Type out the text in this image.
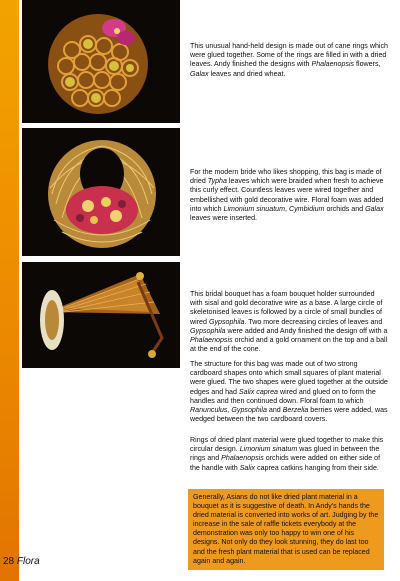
This unusual hand-held design is made out of cane rings which were glued together. Some of the rings are filled in with a dried leaves. Andy finished the designs with Phalaenopsis flowers, Galax leaves and dried wheat.

For the modern bride who likes shopping, this bag is made of dried Typha leaves which were braided when fresh to achieve this curly effect. Countless leaves were wired together and embellished with gold decorative wire. Floral foam was added into which Limonium sinuatum, Cymbidium orchids and Galax leaves were inserted.

This bridal bouquet has a foam bouquet holder surrounded with sisal and gold decorative wire as a base. A large circle of skeletonised leaves is followed by a circle of small bundles of wired Gypsophila. Two more decreasing circles of leaves and Gypsophila were added and Andy finished the design off with a Phalaenopsis orchid and a gold ornament on the top and a ball at the end of the cone.

The structure for this bag was made out of two strong cardboard shapes onto which small squares of plant material were glued. The two shapes were glued together at the outside edges and had Salix caprea wired and glued on to form the handles and then continued down. Floral foam to which Ranunculus, Gypsophila and Berzelia berries were added, was wedged between the two cardboard covers.

Rings of dried plant material were glued together to make this circular design. Limonium sinatum was glued in between the rings and Phalaenopsis orchids were added on either side of the handle with Salix caprea catkins hanging from their side.

Generally, Asians do not like dried plant material in a bouquet as it is suggestive of death. In Andy's hands the dried material is converted into works of art. Judging by the increase in the sale of raffle tickets everybody at the demonstration was only too happy to win one of his designs. Not only do they look stunning, they do last too and the fresh plant material that is used can be replaced again and again.

28 Flora
